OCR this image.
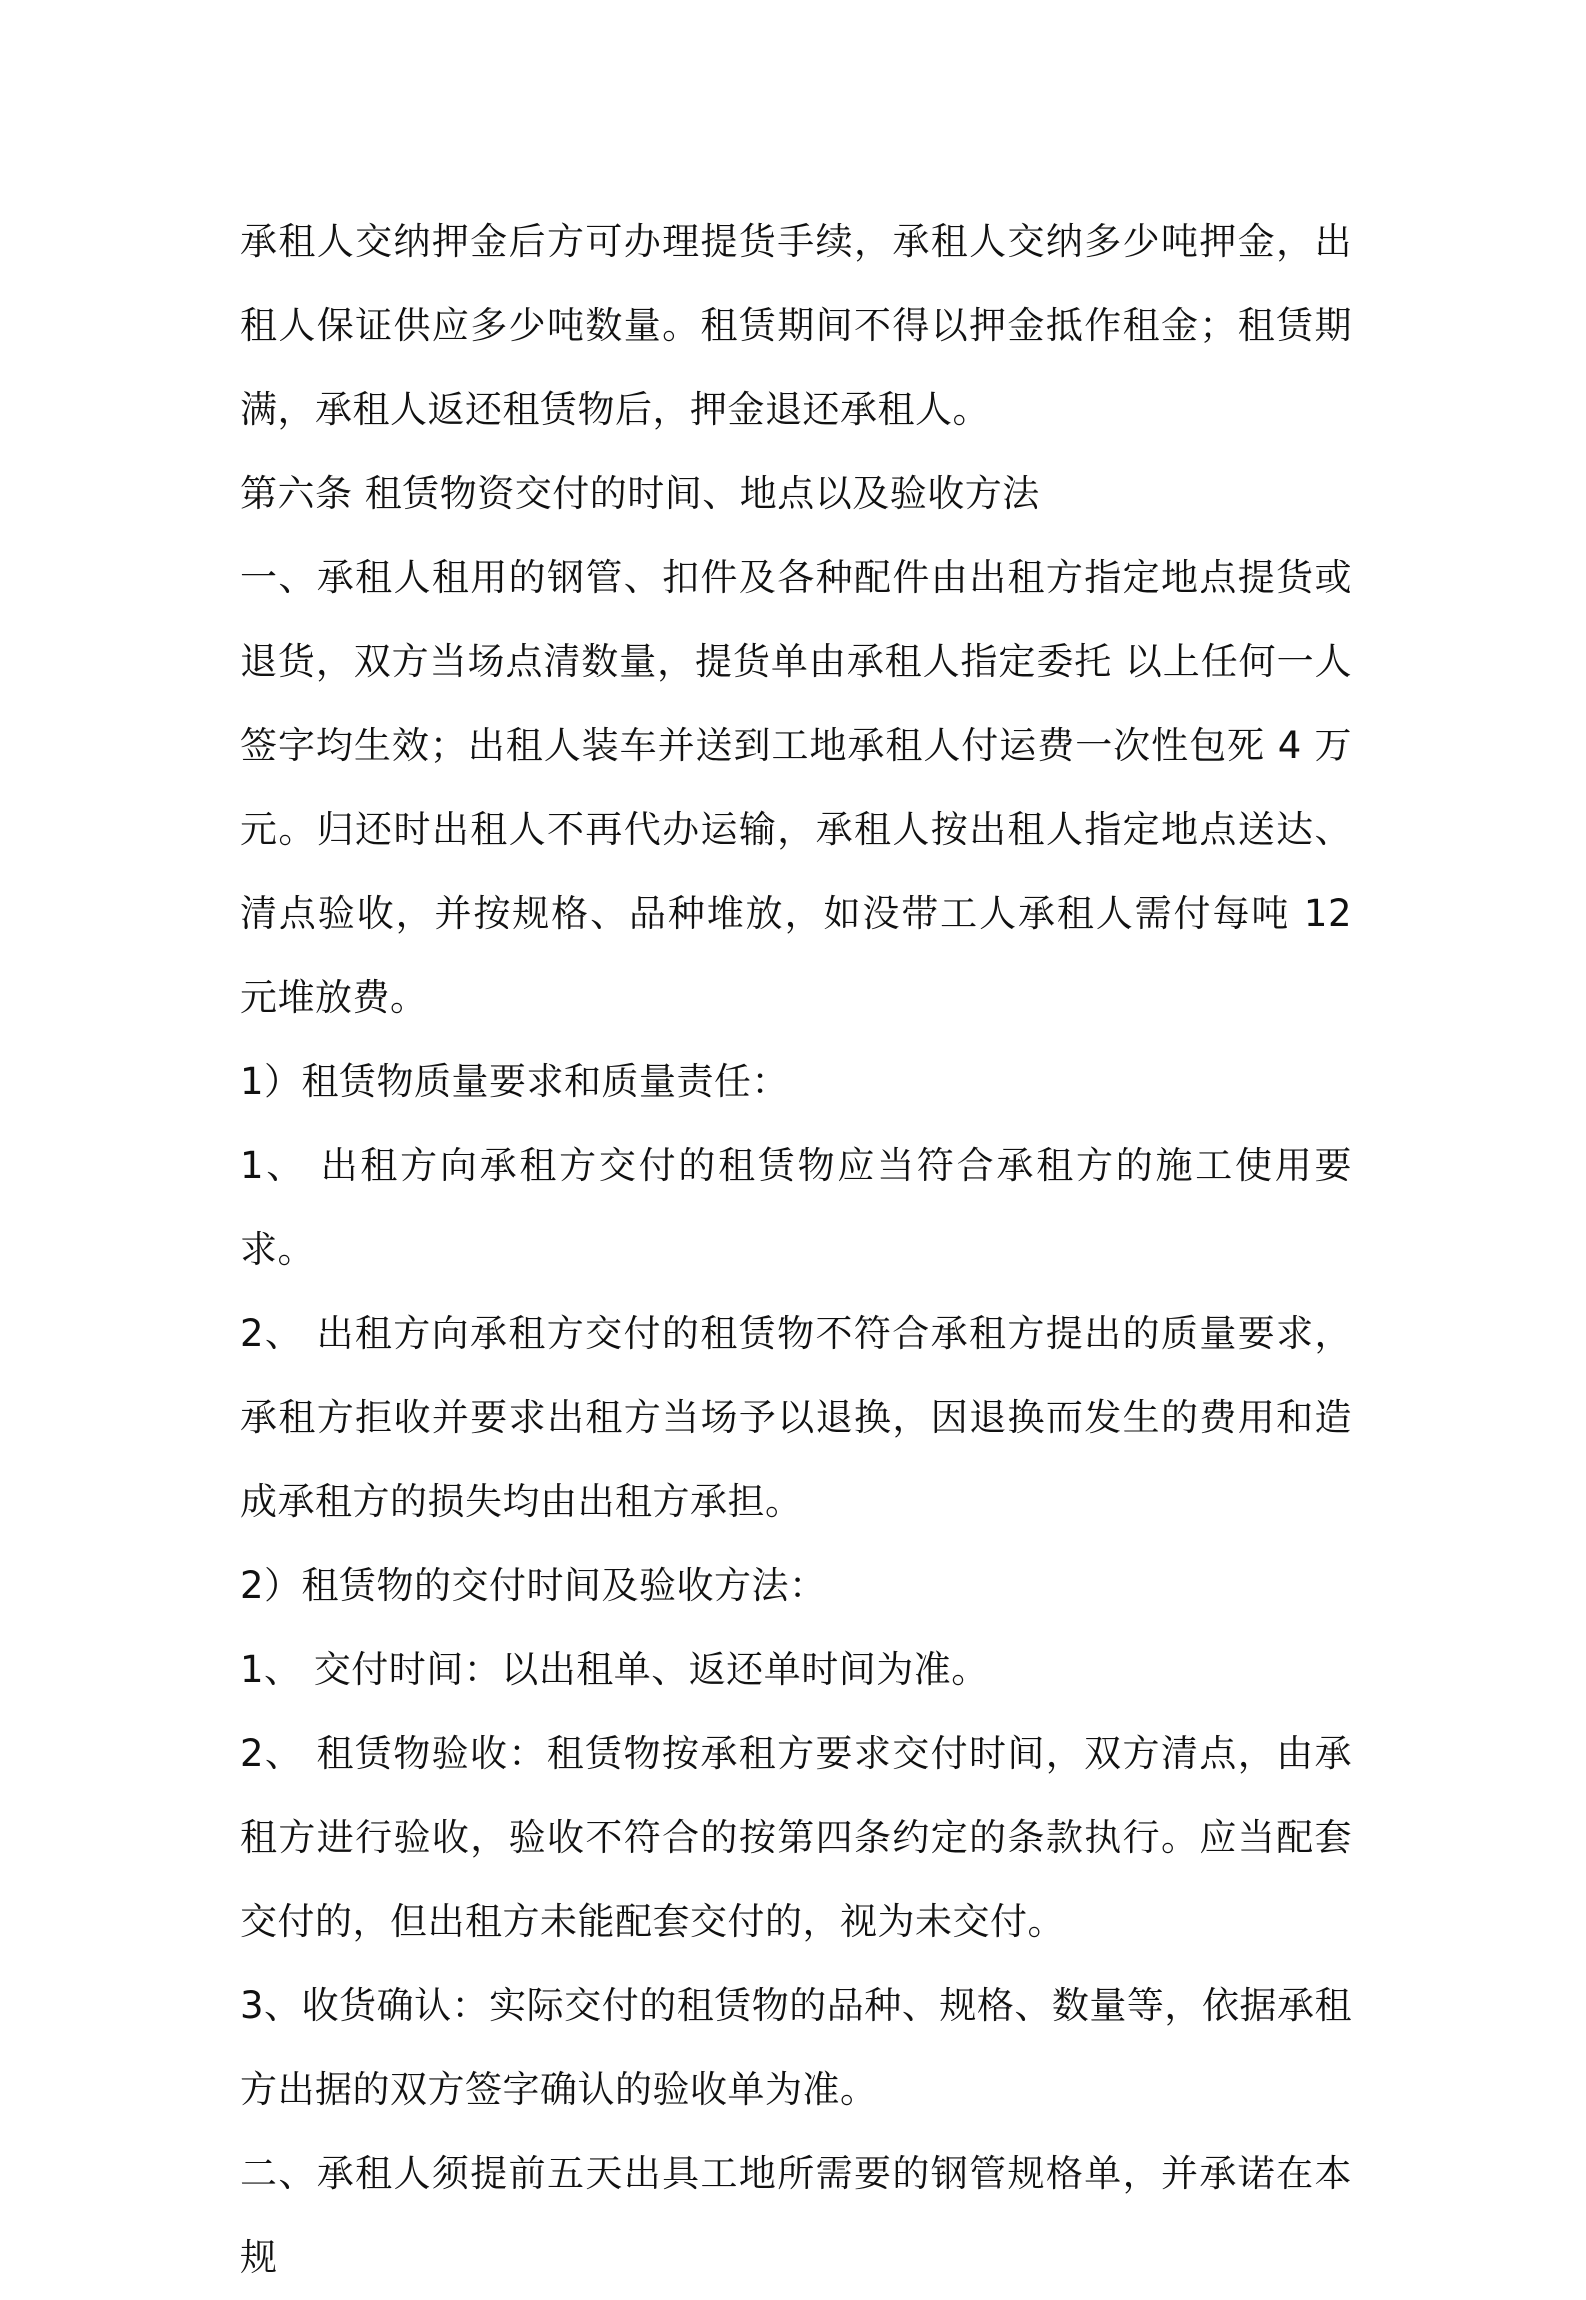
承租人交纳押金后方可办理提货手续，承租人交纳多少吨押金，出租人保证供应多少吨数量。租赁期间不得以押金抵作租金；租赁期满，承租人返还租赁物后，押金退还承租人。

第六条 租赁物资交付的时间、地点以及验收方法

一、承租人租用的钢管、扣件及各种配件由出租方指定地点提货或退货，双方当场点清数量，提货单由承租人指定委托 以上任何一人签字均生效；出租人装车并送到工地承租人付运费一次性包死 4 万元。归还时出租人不再代办运输，承租人按出租人指定地点送达、清点验收，并按规格、品种堆放，如没带工人承租人需付每吨 12 元堆放费。

1）租赁物质量要求和质量责任：

1、 出租方向承租方交付的租赁物应当符合承租方的施工使用要求。

2、 出租方向承租方交付的租赁物不符合承租方提出的质量要求，承租方拒收并要求出租方当场予以退换，因退换而发生的费用和造成承租方的损失均由出租方承担。

2）租赁物的交付时间及验收方法：

1、 交付时间：以出租单、返还单时间为准。

2、 租赁物验收：租赁物按承租方要求交付时间，双方清点，由承租方进行验收，验收不符合的按第四条约定的条款执行。应当配套交付的，但出租方未能配套交付的，视为未交付。

3、收货确认：实际交付的租赁物的品种、规格、数量等，依据承租方出据的双方签字确认的验收单为准。

二、承租人须提前五天出具工地所需要的钢管规格单，并承诺在本规
